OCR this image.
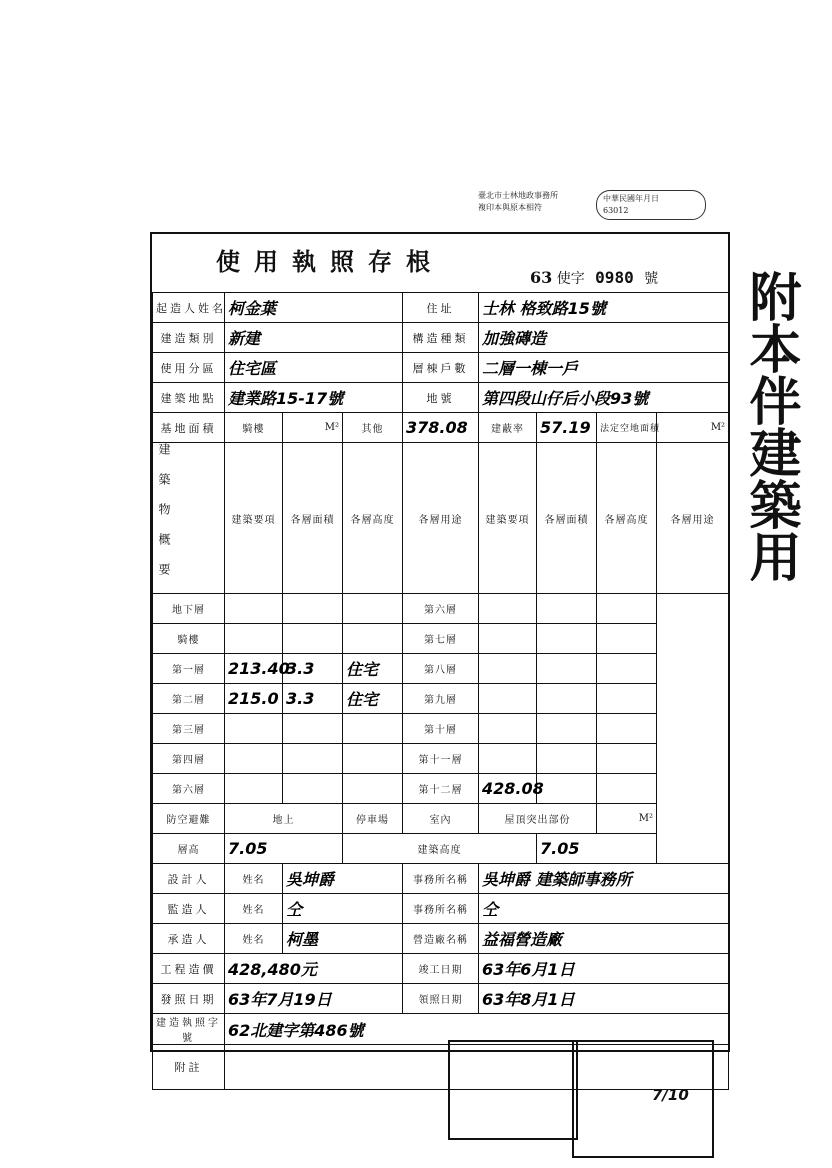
臺北市士林地政事務所
複印本與原本相符
中華民國年月日
63012
使用執照存根
63 使字 0980 號
起造人姓名	柯金葉			住址	士林 格致路15號			
建造類別	新建			構造種類	加強磚造			
使用分區	住宅區			層棟戶數	二層一棟一戶			
建築地點	建業路15-17號			地號	第四段山仔后小段93號			
基地面積	騎樓	M²	其他	378.08	建蔽率	57.19	法定空地面積	M²

建築物概要	建築要項	各層面積	各層高度	各層用途	建築要項	各層面積	各層高度	各層用途
地下層				第六層				
騎樓				第七層				
第一層	213.40	3.3	住宅	第八層				
第二層	215.0	3.3	住宅	第九層				
第三層				第十層				
第四層				第十一層				
第六層				第十二層	428.08			
防空避難	地上		停車場	室內	屋頂突出部份		M²	

層高	7.05		建築高度			7.05		
設計人	姓名	吳坤爵		事務所名稱	吳坤爵 建築師事務所			
監造人	姓名	仝		事務所名稱	仝			
承造人	姓名	柯墨		營造廠名稱	益福營造廠			
工程造價	428,480元			竣工日期	63年6月1日			
發照日期	63年7月19日			領照日期	63年8月1日			
建造執照字號	62北建字第486號							
附註								
附本伴建築用
7/10
